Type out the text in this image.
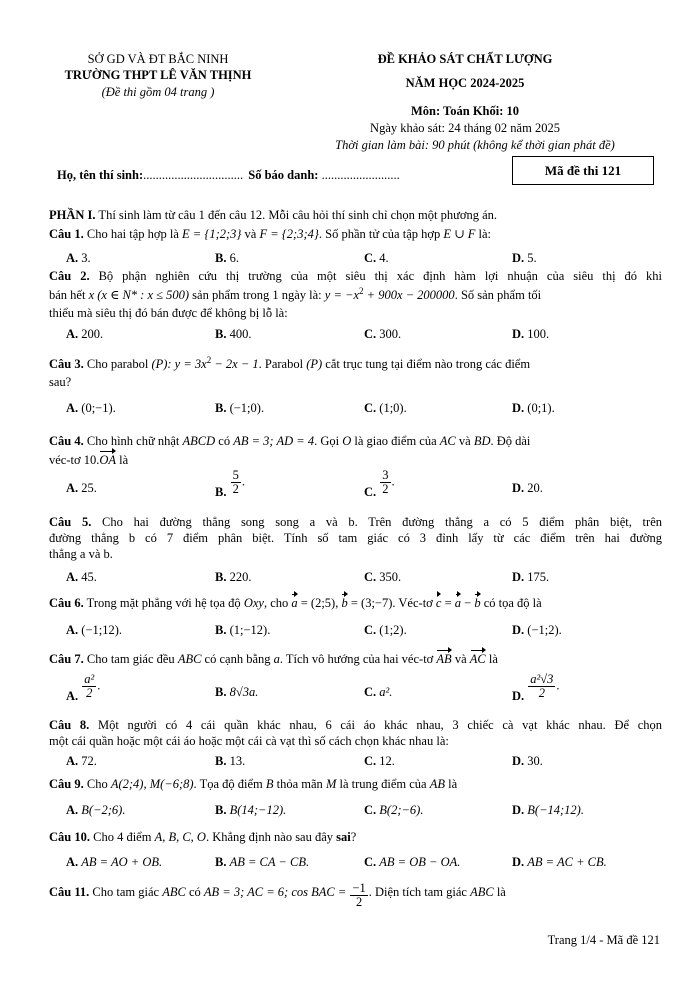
SỞ GD VÀ ĐT BẮC NINH
TRƯỜNG THPT LÊ VĂN THỊNH
(Đề thi gồm 04 trang )
ĐỀ KHẢO SÁT CHẤT LƯỢNG
NĂM HỌC 2024-2025
Môn: Toán Khối: 10
Ngày khảo sát: 24 tháng 02 năm 2025
Thời gian làm bài: 90 phút (không kể thời gian phát đề)
Họ, tên thí sinh:................................ Số báo danh: .........................	Mã đề thi 121
PHẦN I. Thí sinh làm từ câu 1 đến câu 12. Mỗi câu hỏi thí sinh chỉ chọn một phương án.
Câu 1. Cho hai tập hợp là E = {1;2;3} và F = {2;3;4}. Số phần tử của tập hợp E ∪ F là:
A. 3.	B. 6.	C. 4.	D. 5.
Câu 2. Bộ phận nghiên cứu thị trường của một siêu thị xác định hàm lợi nhuận của siêu thị đó khi
bán hết x (x ∈ N* : x ≤ 500) sản phẩm trong 1 ngày là: $y = -x^2 + 900x - 200000$. Số sản phẩm tối
thiểu mà siêu thị đó bán được để không bị lỗ là:
A. 200.	B. 400.	C. 300.	D. 100.
Câu 3. Cho parabol (P): $y = 3x^2 - 2x - 1$. Parabol (P) cắt trục tung tại điểm nào trong các điểm
sau?
A. (0;−1).	B. (−1;0).	C. (1;0).	D. (0;1).
Câu 4. Cho hình chữ nhật ABCD có AB = 3; AD = 4. Gọi O là giao điểm của AC và BD. Độ dài
véc-tơ 10.OA là
A. 25.	B. $\frac{5}{2}$ .
C. $\frac{3}{2}$ .	D. 20.
Câu 5. Cho hai đường thẳng song song a và b. Trên đường thẳng a có 5 điểm phân biệt, trên
đường thẳng b có 7 điểm phân biệt. Tính số tam giác có 3 đỉnh lấy từ các điểm trên hai đường
thẳng a và b.
A. 45.	B. 220.	C. 350.	D. 175.
Câu 6. Trong mặt phẳng với hệ tọa độ Oxy, cho a = (2;5), b = (3;−7). Véc-tơ c = a − b có tọa độ là
A. (−1;12).	B. (1;−12).	C. (1;2).	D. (−1;2).
Câu 7. Cho tam giác đều ABC có cạnh bằng a. Tích vô hướng của hai véc-tơ AB và AC là
A. $\frac{\text{a²}}{2}$ .	B. 8√3a.	C. a².	D. $\frac{\text{a²√3}}{2}$ .
Câu 8. Một người có 4 cái quần khác nhau, 6 cái áo khác nhau, 3 chiếc cà vạt khác nhau. Để chọn
một cái quần hoặc một cái áo hoặc một cái cà vạt thì số cách chọn khác nhau là:
A. 72.	B. 13.	C. 12.	D. 30.
Câu 9. Cho A(2;4), M(−6;8). Tọa độ điểm B thỏa mãn M là trung điểm của AB là
A. B(−2;6).	B. B(14;−12).	C. B(2;−6).	D. B(−14;12).
Câu 10. Cho 4 điểm A, B, C, O. Khẳng định nào sau đây sai?
A. AB = AO + OB.	B. AB = CA − CB.	C. AB = OB − OA.	D. AB = AC + CB.
Câu 11. Cho tam giác ABC có AB = 3; AC = 6; cos BAC = $\frac{-1}{2}$ . Diện tích tam giác ABC là
Trang 1/4 - Mã đề 121
